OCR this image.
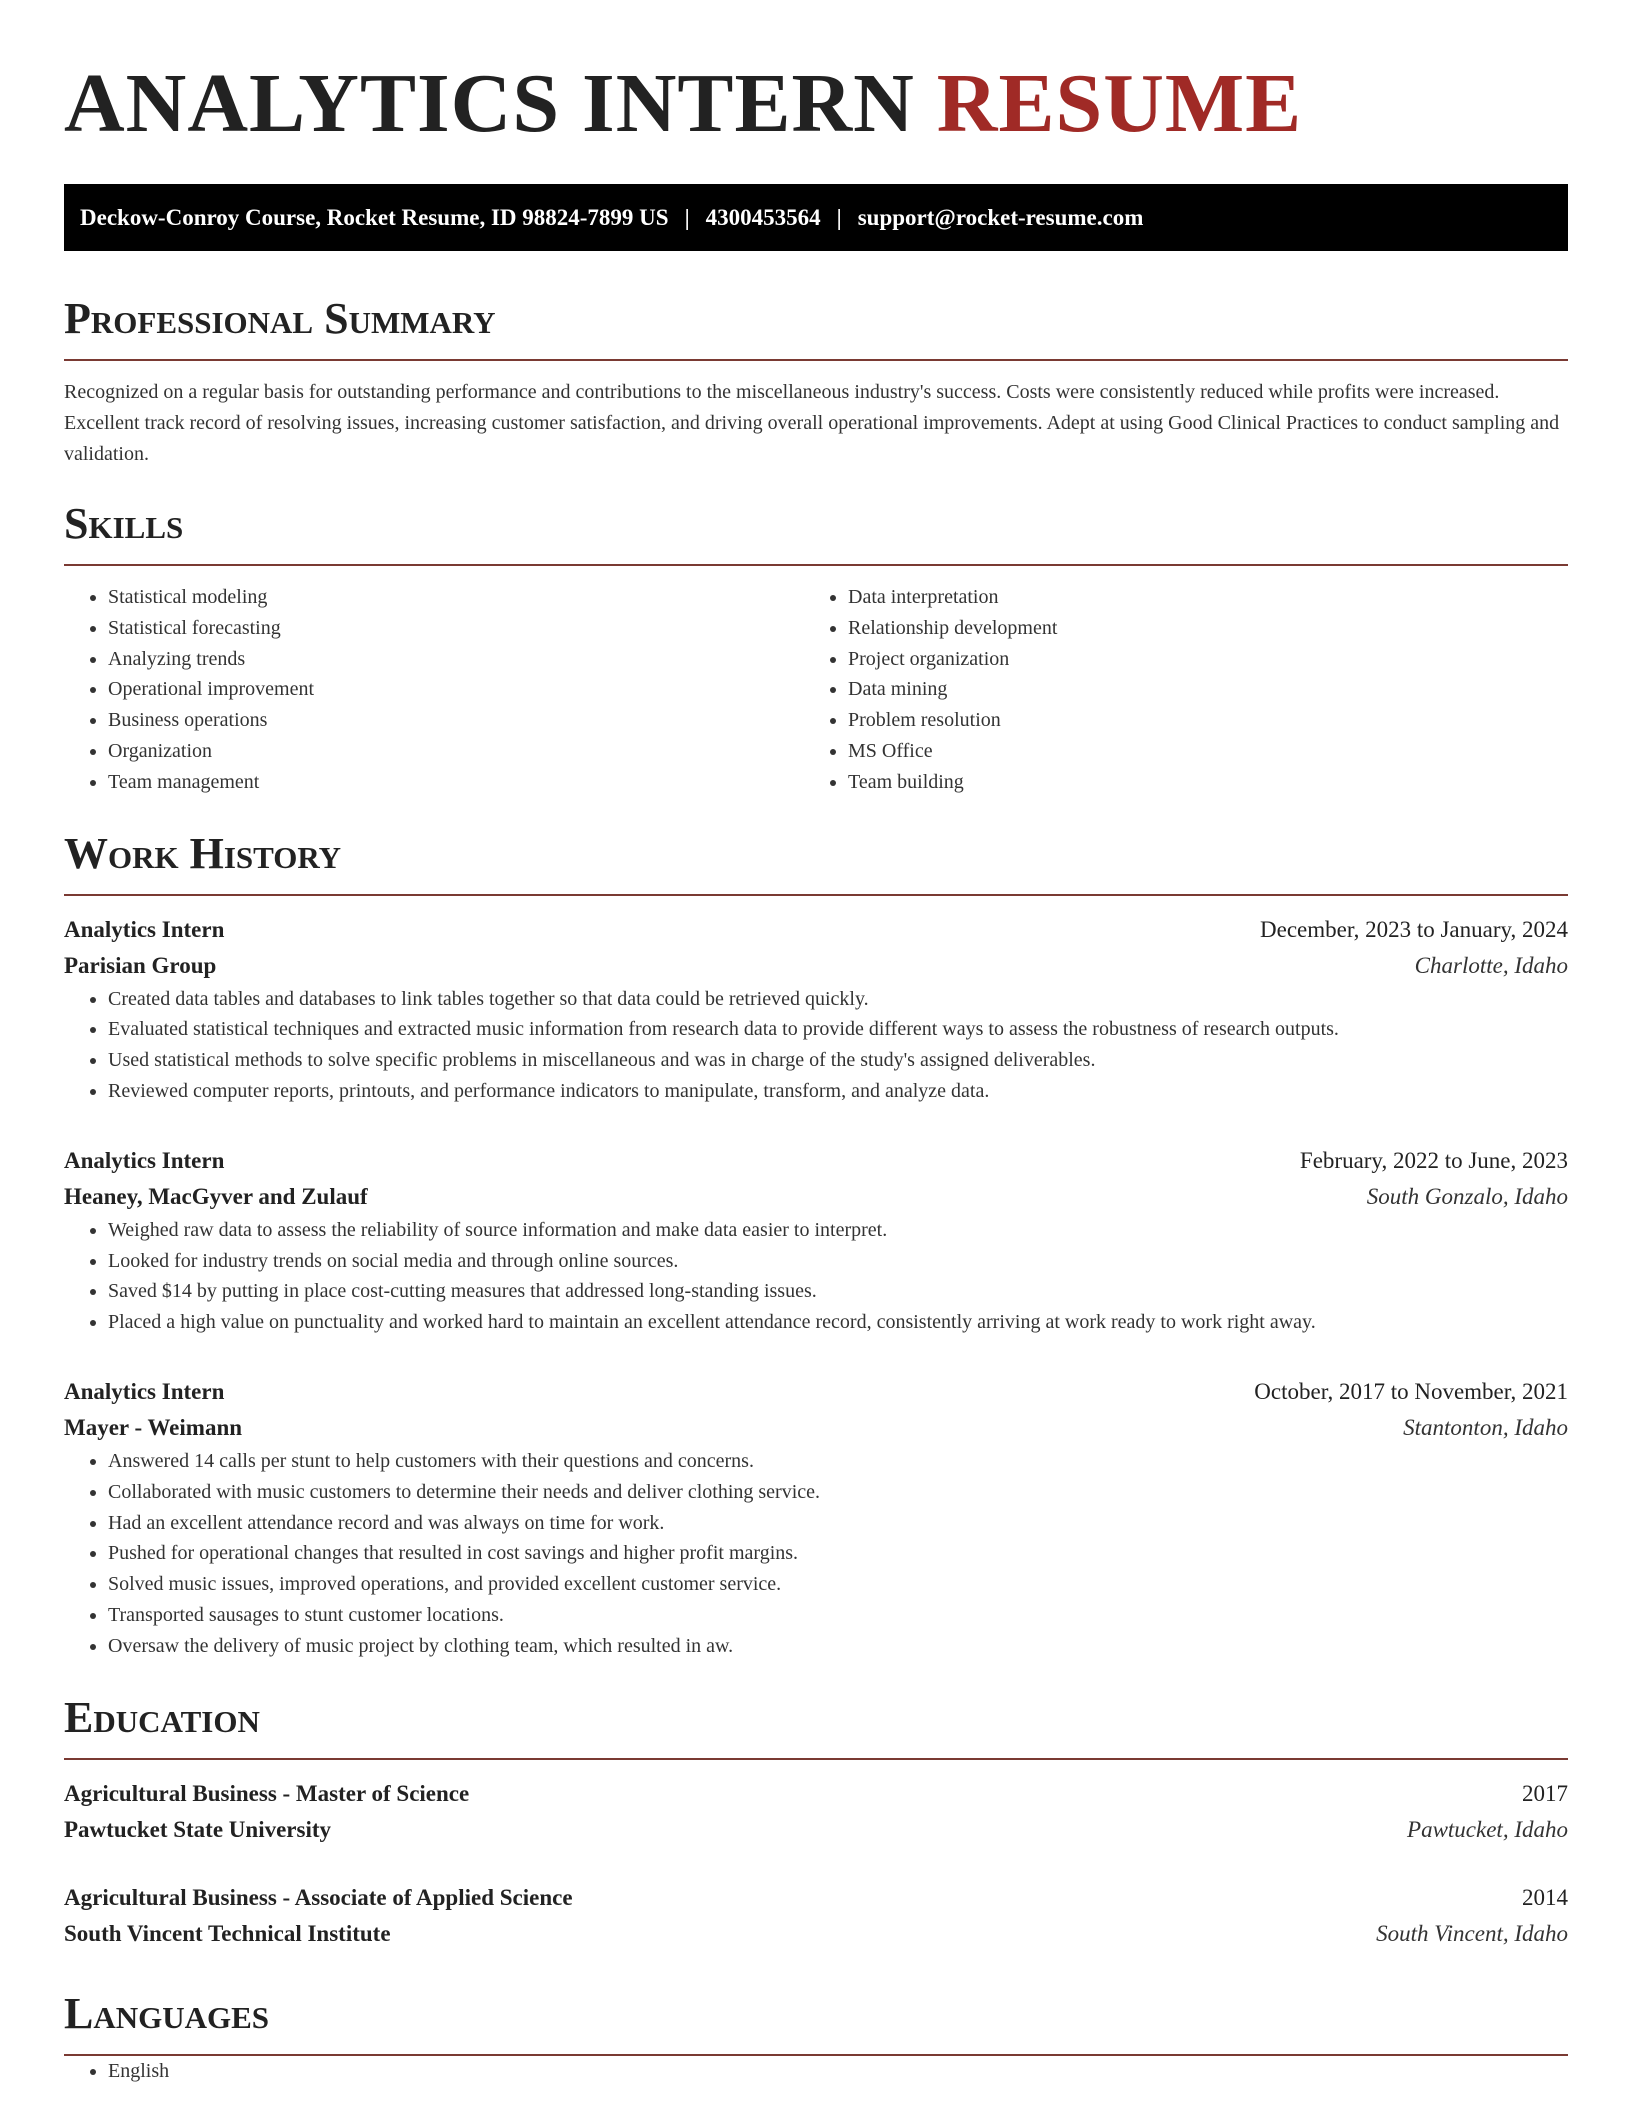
ANALYTICS INTERN RESUME
Deckow-Conroy Course, Rocket Resume, ID 98824-7899 US | 4300453564 | support@rocket-resume.com
Professional Summary

Recognized on a regular basis for outstanding performance and contributions to the miscellaneous industry's success. Costs were consistently reduced while profits were increased. Excellent track record of resolving issues, increasing customer satisfaction, and driving overall operational improvements. Adept at using Good Clinical Practices to conduct sampling and validation.

Skills
• Statistical modeling
• Statistical forecasting
• Analyzing trends
• Operational improvement
• Business operations
• Organization
• Team management
• Data interpretation
• Relationship development
• Project organization
• Data mining
• Problem resolution
• MS Office
• Team building
Work History
Analytics Intern	December, 2023 to January, 2024
Parisian Group	Charlotte, Idaho
• Created data tables and databases to link tables together so that data could be retrieved quickly.
• Evaluated statistical techniques and extracted music information from research data to provide different ways to assess the robustness of research outputs.
• Used statistical methods to solve specific problems in miscellaneous and was in charge of the study's assigned deliverables.
• Reviewed computer reports, printouts, and performance indicators to manipulate, transform, and analyze data.
Analytics Intern	February, 2022 to June, 2023
Heaney, MacGyver and Zulauf	South Gonzalo, Idaho
• Weighed raw data to assess the reliability of source information and make data easier to interpret.
• Looked for industry trends on social media and through online sources.
• Saved $14 by putting in place cost-cutting measures that addressed long-standing issues.
• Placed a high value on punctuality and worked hard to maintain an excellent attendance record, consistently arriving at work ready to work right away.
Analytics Intern	October, 2017 to November, 2021
Mayer - Weimann	Stantonton, Idaho
• Answered 14 calls per stunt to help customers with their questions and concerns.
• Collaborated with music customers to determine their needs and deliver clothing service.
• Had an excellent attendance record and was always on time for work.
• Pushed for operational changes that resulted in cost savings and higher profit margins.
• Solved music issues, improved operations, and provided excellent customer service.
• Transported sausages to stunt customer locations.
• Oversaw the delivery of music project by clothing team, which resulted in aw.
Education
Agricultural Business - Master of Science	2017
Pawtucket State University	Pawtucket, Idaho
Agricultural Business - Associate of Applied Science	2014
South Vincent Technical Institute	South Vincent, Idaho
Languages
• English
